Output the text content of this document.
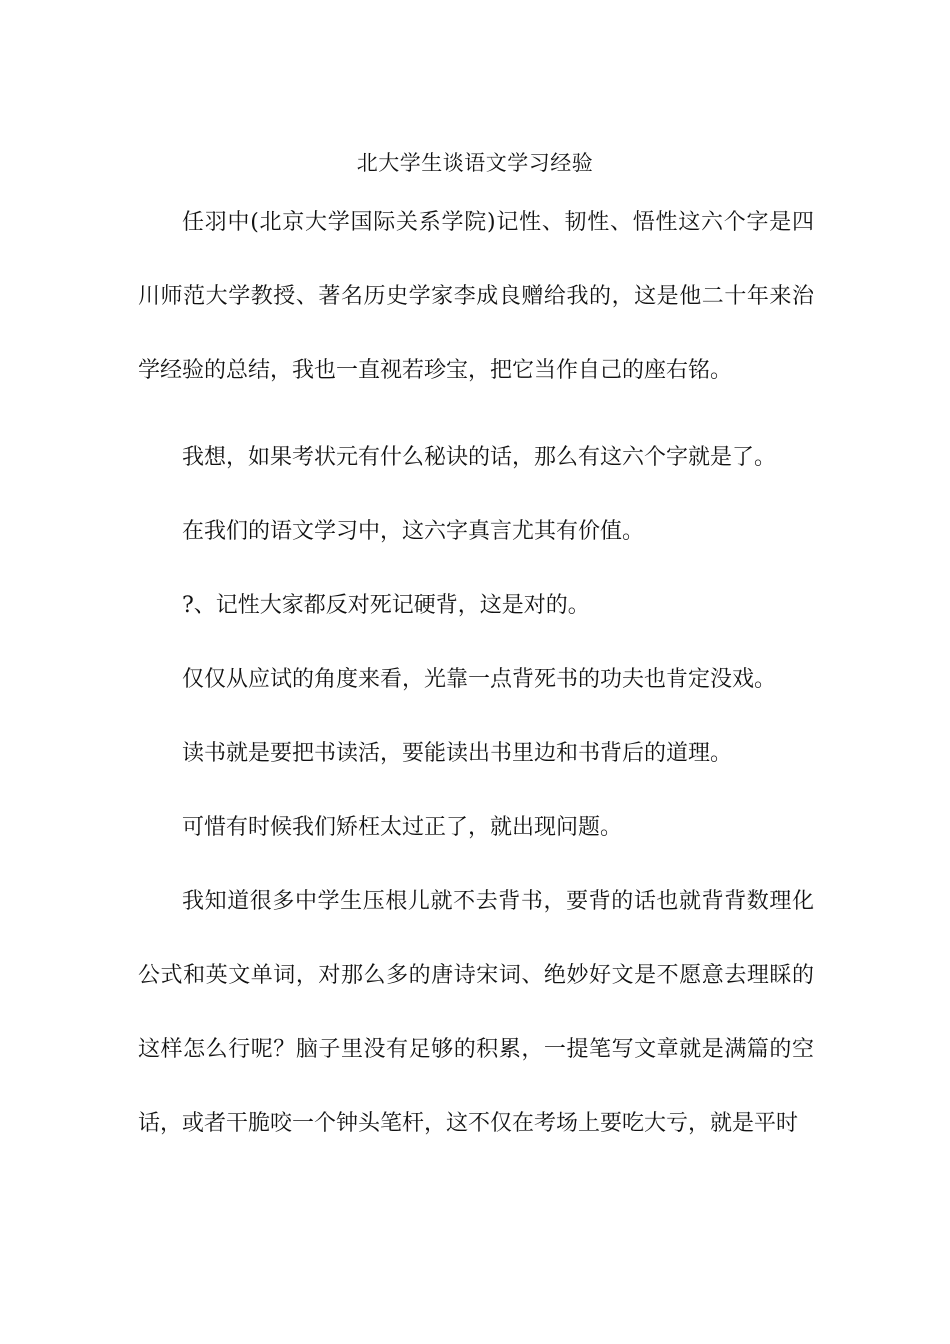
北大学生谈语文学习经验

任羽中(北京大学国际关系学院)记性、韧性、悟性这六个字是四川师范大学教授、著名历史学家李成良赠给我的，这是他二十年来治学经验的总结，我也一直视若珍宝，把它当作自己的座右铭。

我想，如果考状元有什么秘诀的话，那么有这六个字就是了。

在我们的语文学习中，这六字真言尤其有价值。

?、记性大家都反对死记硬背，这是对的。

仅仅从应试的角度来看，光靠一点背死书的功夫也肯定没戏。

读书就是要把书读活，要能读出书里边和书背后的道理。

可惜有时候我们矫枉太过正了，就出现问题。

我知道很多中学生压根儿就不去背书，要背的话也就背背数理化公式和英文单词，对那么多的唐诗宋词、绝妙好文是不愿意去理睬的这样怎么行呢？脑子里没有足够的积累，一提笔写文章就是满篇的空话，或者干脆咬一个钟头笔杆，这不仅在考场上要吃大亏，就是平时
